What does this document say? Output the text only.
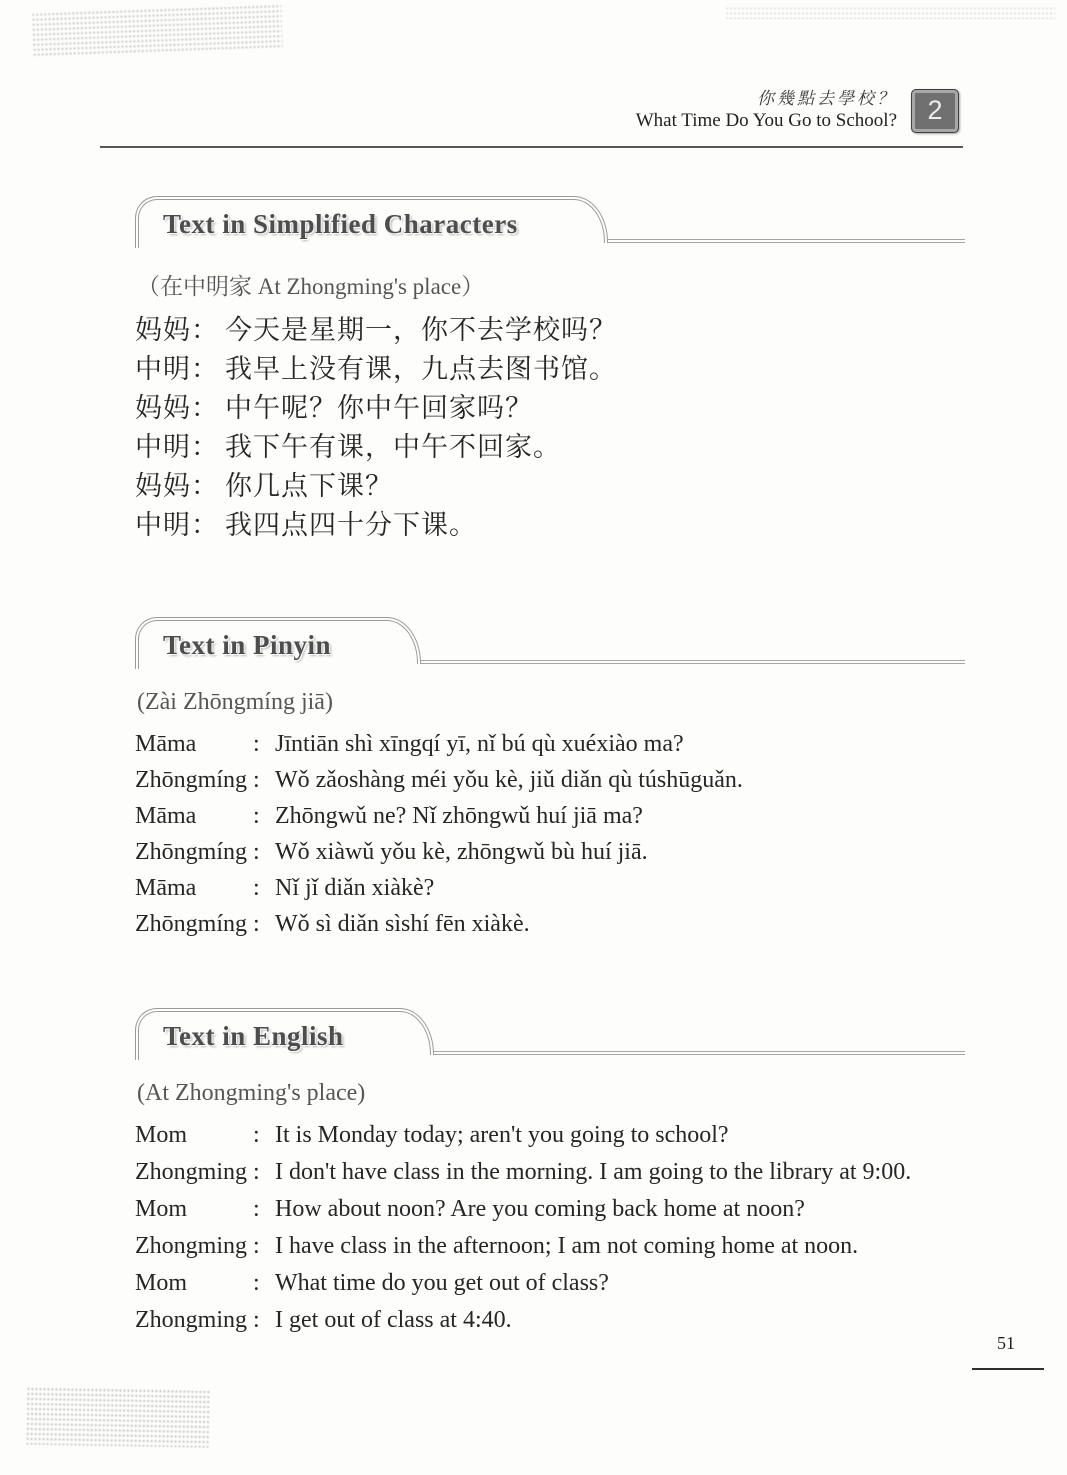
你幾點去學校？
What Time Do You Go to School?	2
Text in Simplified Characters
（在中明家 At Zhongming's place）
妈妈： 今天是星期一，你不去学校吗？
中明： 我早上没有课，九点去图书馆。
妈妈： 中午呢？你中午回家吗？
中明： 我下午有课，中午不回家。
妈妈： 你几点下课？
中明： 我四点四十分下课。
Text in Pinyin
(Zài Zhōngmíng jiā)
Māma	: Jīntiān shì xīngqí yī, nǐ bú qù xuéxiào ma?
Zhōngmíng : Wǒ zǎoshàng méi yǒu kè, jiǔ diǎn qù túshūguǎn.
Māma	: Zhōngwǔ ne? Nǐ zhōngwǔ huí jiā ma?
Zhōngmíng : Wǒ xiàwǔ yǒu kè, zhōngwǔ bù huí jiā.
Māma	: Nǐ jǐ diǎn xiàkè?
Zhōngmíng : Wǒ sì diǎn sìshí fēn xiàkè.
Text in English
(At Zhongming's place)
Mom	: It is Monday today; aren't you going to school?
Zhongming : I don't have class in the morning. I am going to the library at 9:00.
Mom	: How about noon? Are you coming back home at noon?
Zhongming : I have class in the afternoon; I am not coming home at noon.
Mom	: What time do you get out of class?
Zhongming : I get out of class at 4:40.
51
